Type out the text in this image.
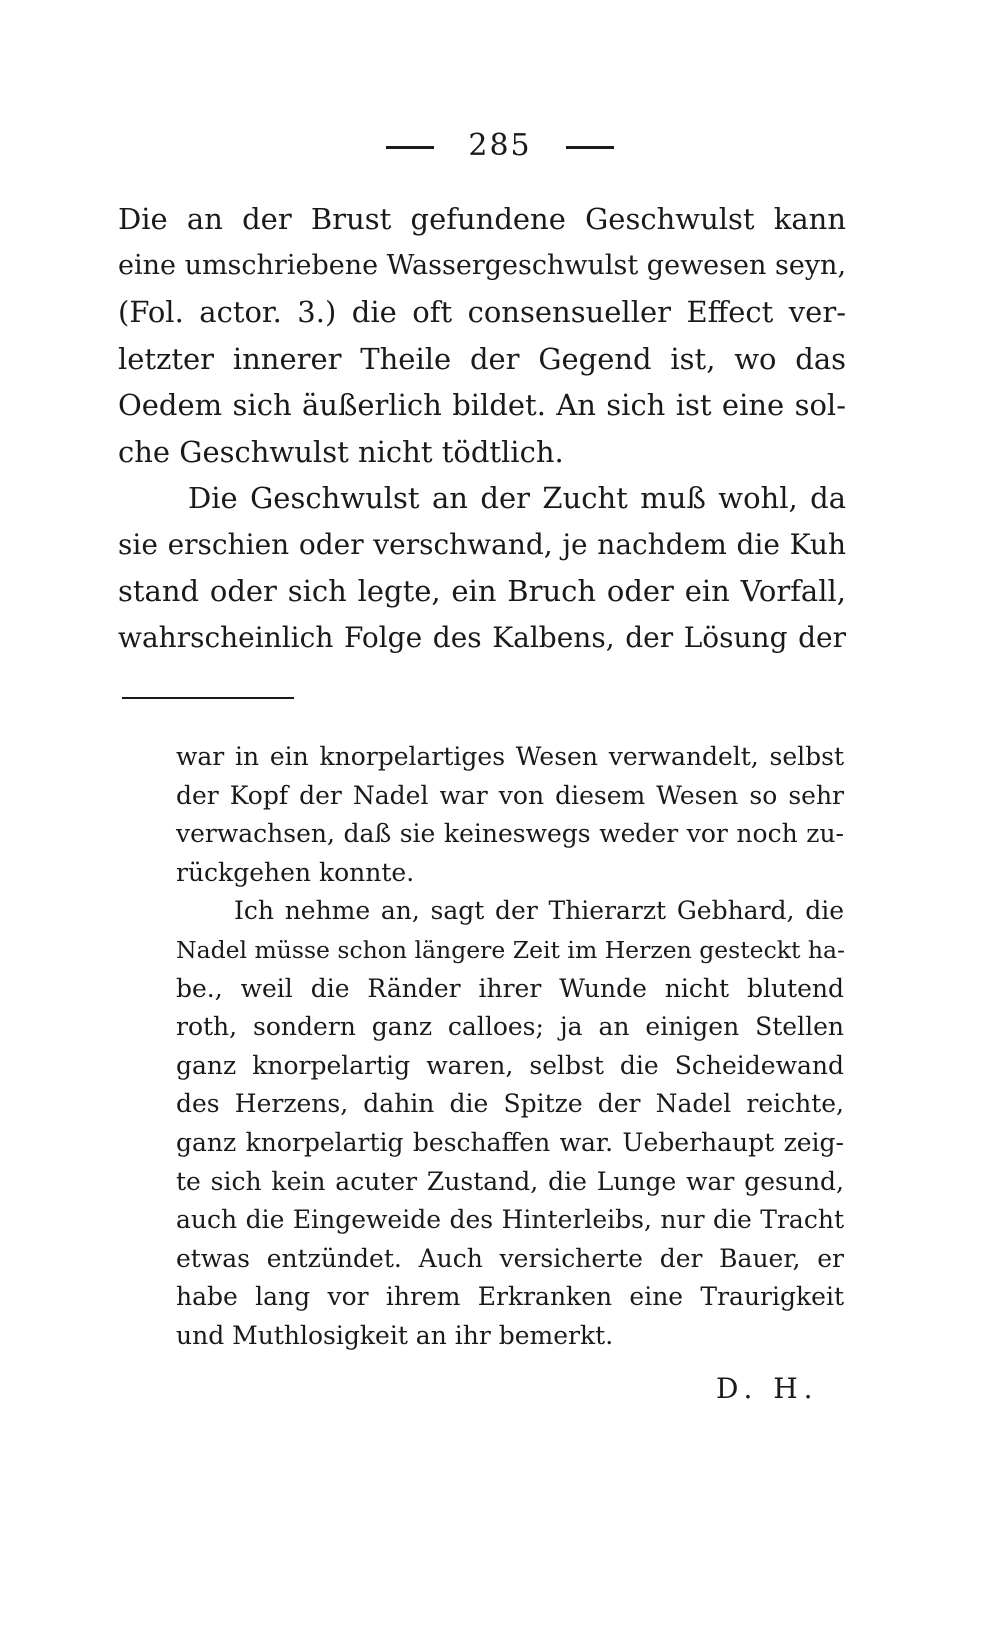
285
Die an der Brust gefundene Geschwulst kann
eine umschriebene Wassergeschwulst gewesen seyn,
(Fol. actor. 3.) die oft consensueller Effect ver-
letzter innerer Theile der Gegend ist, wo das
Oedem sich äußerlich bildet. An sich ist eine sol-
che Geschwulst nicht tödtlich.
Die Geschwulst an der Zucht muß wohl, da
sie erschien oder verschwand, je nachdem die Kuh
stand oder sich legte, ein Bruch oder ein Vorfall,
wahrscheinlich Folge des Kalbens, der Lösung der
war in ein knorpelartiges Wesen verwandelt, selbst
der Kopf der Nadel war von diesem Wesen so sehr
verwachsen, daß sie keineswegs weder vor noch zu-
rückgehen konnte.
Ich nehme an, sagt der Thierarzt Gebhard, die
Nadel müsse schon längere Zeit im Herzen gesteckt ha-
be., weil die Ränder ihrer Wunde nicht blutend
roth, sondern ganz calloes; ja an einigen Stellen
ganz knorpelartig waren, selbst die Scheidewand
des Herzens, dahin die Spitze der Nadel reichte,
ganz knorpelartig beschaffen war. Ueberhaupt zeig-
te sich kein acuter Zustand, die Lunge war gesund,
auch die Eingeweide des Hinterleibs, nur die Tracht
etwas entzündet. Auch versicherte der Bauer, er
habe lang vor ihrem Erkranken eine Traurigkeit
und Muthlosigkeit an ihr bemerkt.
D. H.
